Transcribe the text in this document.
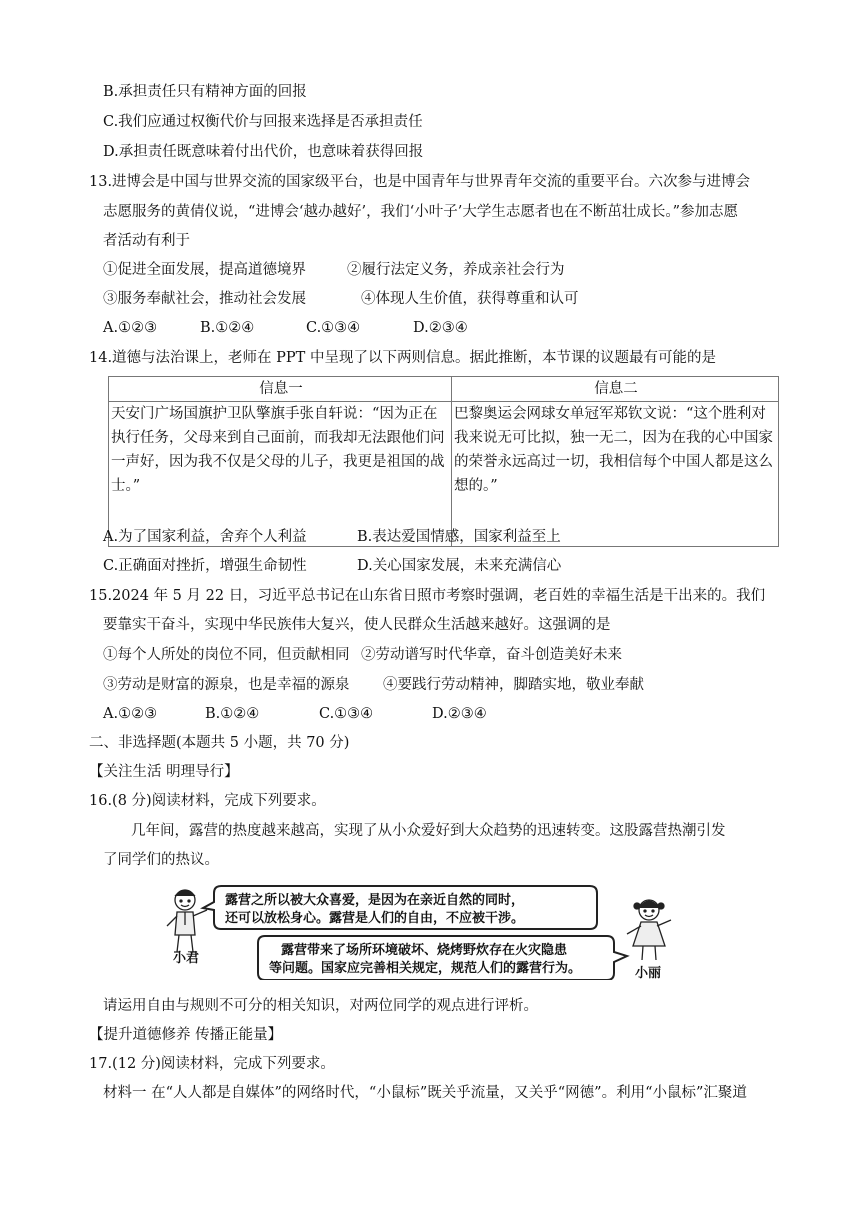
B.承担责任只有精神方面的回报
C.我们应通过权衡代价与回报来选择是否承担责任
D.承担责任既意味着付出代价，也意味着获得回报
13.进博会是中国与世界交流的国家级平台，也是中国青年与世界青年交流的重要平台。六次参与进博会
志愿服务的黄倩仪说，“进博会‘越办越好’，我们‘小叶子’大学生志愿者也在不断茁壮成长。”参加志愿
者活动有利于
①促进全面发展，提高道德境界	②履行法定义务，养成亲社会行为
③服务奉献社会，推动社会发展	④体现人生价值，获得尊重和认可
A.①②③	B.①②④	C.①③④	D.②③④
14.道德与法治课上，老师在 PPT 中呈现了以下两则信息。据此推断，本节课的议题最有可能的是
信息一	信息二
天安门广场国旗护卫队擎旗手张自轩说：“因为正在执行任务，父母来到自己面前，而我却无法跟他们问一声好，因为我不仅是父母的儿子，我更是祖国的战士。”	巴黎奥运会网球女单冠军郑钦文说：“这个胜利对我来说无可比拟，独一无二，因为在我的心中国家的荣誉永远高过一切，我相信每个中国人都是这么想的。”
A.为了国家利益，舍弃个人利益	B.表达爱国情感，国家利益至上
C.正确面对挫折，增强生命韧性	D.关心国家发展，未来充满信心
15.2024 年 5 月 22 日，习近平总书记在山东省日照市考察时强调，老百姓的幸福生活是干出来的。我们
要靠实干奋斗，实现中华民族伟大复兴，使人民群众生活越来越好。这强调的是
①每个人所处的岗位不同，但贡献相同 ②劳动谱写时代华章，奋斗创造美好未来
③劳动是财富的源泉，也是幸福的源泉 ④要践行劳动精神，脚踏实地，敬业奉献
A.①②③	B.①②④	C.①③④	D.②③④
二、非选择题(本题共 5 小题，共 70 分)
【关注生活 明理导行】
16.(8 分)阅读材料，完成下列要求。
几年间，露营的热度越来越高，实现了从小众爱好到大众趋势的迅速转变。这股露营热潮引发
了同学们的热议。
小君
小丽
露营之所以被大众喜爱，是因为在亲近自然的同时，
还可以放松身心。露营是人们的自由，不应被干涉。
露营带来了场所环境破坏、烧烤野炊存在火灾隐患
等问题。国家应完善相关规定，规范人们的露营行为。
请运用自由与规则不可分的相关知识，对两位同学的观点进行评析。
【提升道德修养 传播正能量】
17.(12 分)阅读材料，完成下列要求。
材料一 在“人人都是自媒体”的网络时代，“小鼠标”既关乎流量，又关乎“网德”。利用“小鼠标”汇聚道
